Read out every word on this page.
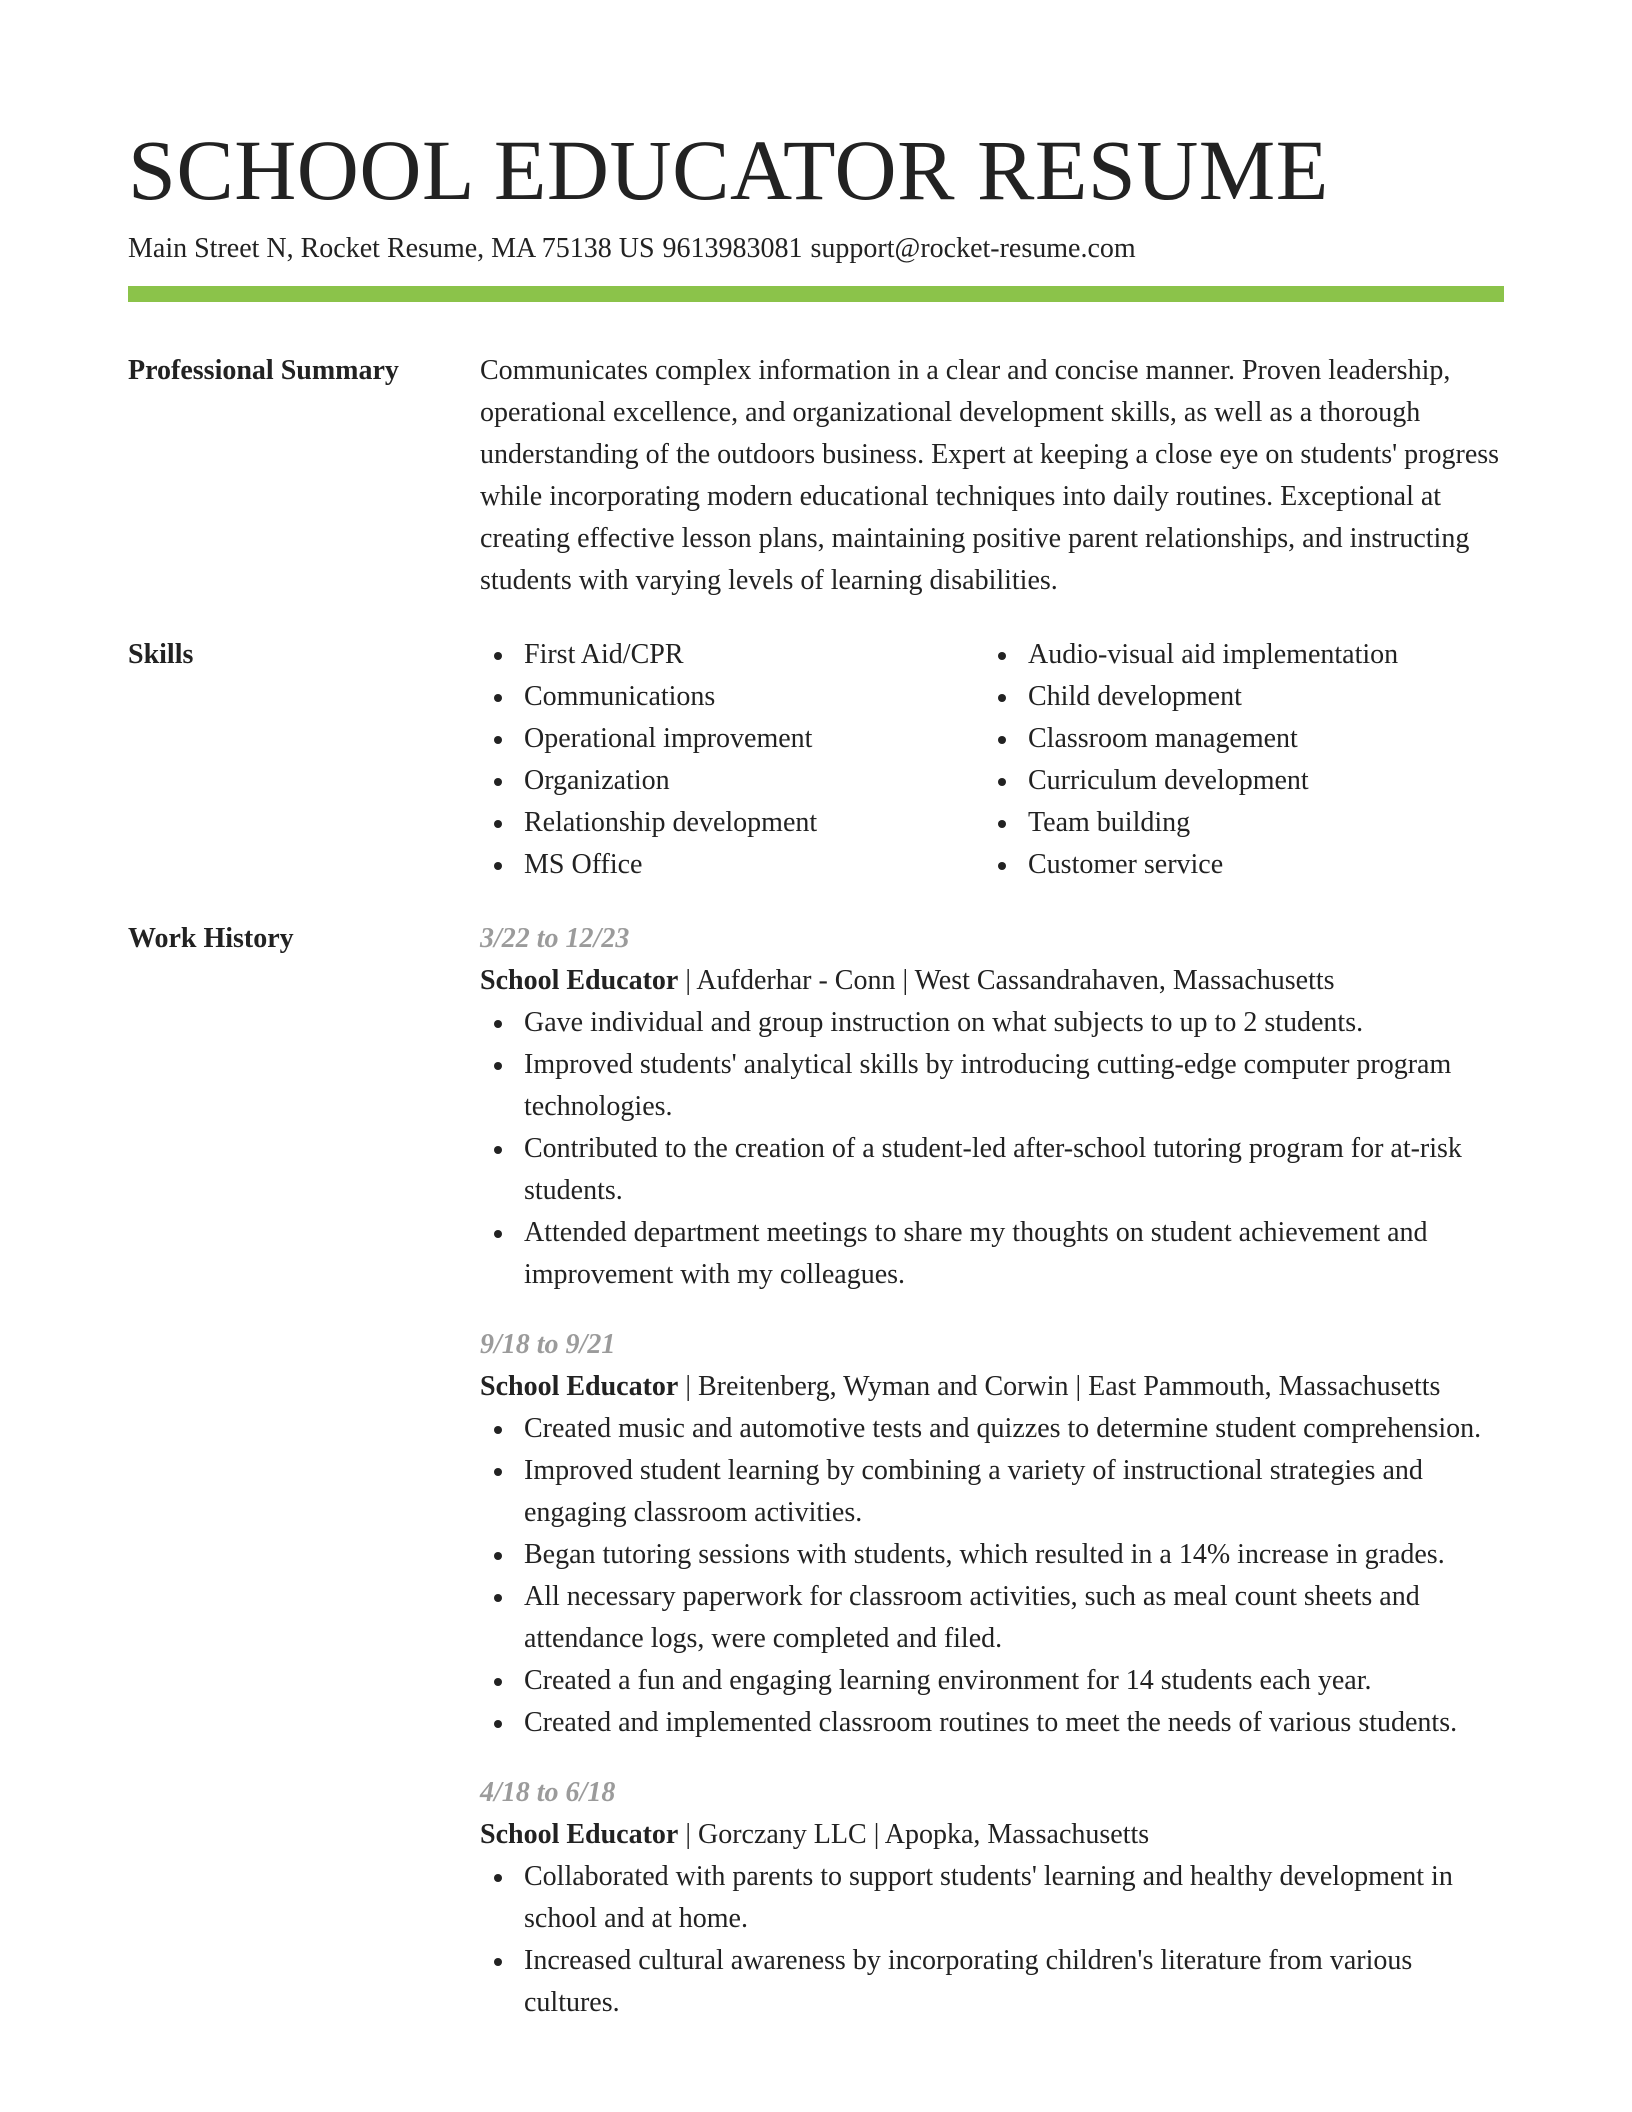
SCHOOL EDUCATOR RESUME
Main Street N, Rocket Resume, MA 75138 US 9613983081 support@rocket-resume.com
Professional Summary	Communicates complex information in a clear and concise manner. Proven leadership, operational excellence, and organizational development skills, as well as a thorough understanding of the outdoors business. Expert at keeping a close eye on students' progress while incorporating modern educational techniques into daily routines. Exceptional at creating effective lesson plans, maintaining positive parent relationships, and instructing students with varying levels of learning disabilities.

Skills	First Aid/CPR
Communications
Operational improvement
Organization
Relationship development
MS Office
Audio-visual aid implementation
Child development
Classroom management
Curriculum development
Team building
Customer service
Work History	3/22 to 12/23
School Educator | Aufderhar - Conn | West Cassandrahaven, Massachusetts
Gave individual and group instruction on what subjects to up to 2 students.
Improved students' analytical skills by introducing cutting-edge computer program technologies.
Contributed to the creation of a student-led after-school tutoring program for at-risk students.
Attended department meetings to share my thoughts on student achievement and improvement with my colleagues.
9/18 to 9/21
School Educator | Breitenberg, Wyman and Corwin | East Pammouth, Massachusetts
Created music and automotive tests and quizzes to determine student comprehension.
Improved student learning by combining a variety of instructional strategies and engaging classroom activities.
Began tutoring sessions with students, which resulted in a 14% increase in grades.
All necessary paperwork for classroom activities, such as meal count sheets and attendance logs, were completed and filed.
Created a fun and engaging learning environment for 14 students each year.
Created and implemented classroom routines to meet the needs of various students.
4/18 to 6/18
School Educator | Gorczany LLC | Apopka, Massachusetts
Collaborated with parents to support students' learning and healthy development in school and at home.
Increased cultural awareness by incorporating children's literature from various cultures.
